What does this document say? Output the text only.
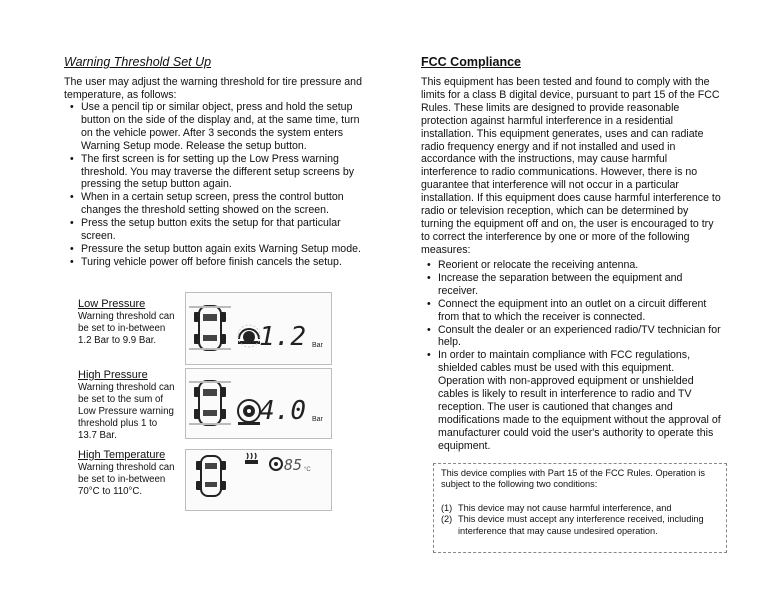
Warning Threshold Set Up

The user may adjust the warning threshold for tire pressure and temperature, as follows:

• Use a pencil tip or similar object, press and hold the setup button on the side of the display and, at the same time, turn on the vehicle power. After 3 seconds the system enters Warning Setup mode. Release the setup button.
• The first screen is for setting up the Low Press warning threshold. You may traverse the different setup screens by pressing the setup button again.
• When in a certain setup screen, press the control button changes the threshold setting showed on the screen.
• Press the setup button exits the setup for that particular screen.
• Pressure the setup button again exits Warning Setup mode.
• Turing vehicle power off before finish cancels the setup.
Low Pressure
Warning threshold can be set to in-between 1.2 Bar to 9.9 Bar.	1.2 Bar
High Pressure
Warning threshold can be set to the sum of Low Pressure warning threshold plus 1 to 13.7 Bar.
4.0 Bar
High Temperature
Warning threshold can be set to in-between 70°C to 110°C.
85 °C
FCC Compliance

This equipment has been tested and found to comply with the limits for a class B digital device, pursuant to part 15 of the FCC Rules. These limits are designed to provide reasonable protection against harmful interference in a residential installation. This equipment generates, uses and can radiate radio frequency energy and if not installed and used in accordance with the instructions, may cause harmful interference to radio communications. However, there is no guarantee that interference will not occur in a particular installation. If this equipment does cause harmful interference to radio or television reception, which can be determined by turning the equipment off and on, the user is encouraged to try to correct the interference by one or more of the following measures:

• Reorient or relocate the receiving antenna.
• Increase the separation between the equipment and receiver.
• Connect the equipment into an outlet on a circuit different from that to which the receiver is connected.
• Consult the dealer or an experienced radio/TV technician for help.
• In order to maintain compliance with FCC regulations, shielded cables must be used with this equipment. Operation with non-approved equipment or unshielded cables is likely to result in interference to radio and TV reception. The user is cautioned that changes and modifications made to the equipment without the approval of manufacturer could void the user's authority to operate this equipment.
This device complies with Part 15 of the FCC Rules. Operation is subject to the following two conditions:
(1) This device may not cause harmful interference, and
(2) This device must accept any interference received, including interference that may cause undesired operation.
